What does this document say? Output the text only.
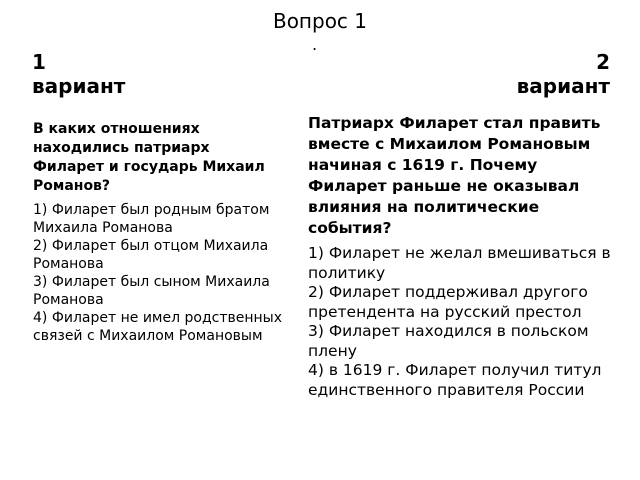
Вопрос 1
.
1
вариант
2
вариант

В каких отношениях находились патриарх Филарет и государь Михаил Романов?

1) Филарет был родным братом Михаила Романова
2) Филарет был отцом Михаила Романова
3) Филарет был сыном Михаила Романова
4) Филарет не имел родственных связей с Михаилом Романовым

Патриарх Филарет стал править вместе с Михаилом Романовым начиная с 1619 г. Почему Филарет раньше не оказывал влияния на политические события?

1) Филарет не желал вмешиваться в политику
2) Филарет поддерживал другого претендента на русский престол
3) Филарет находился в польском плену
4) в 1619 г. Филарет получил титул единственного правителя России
